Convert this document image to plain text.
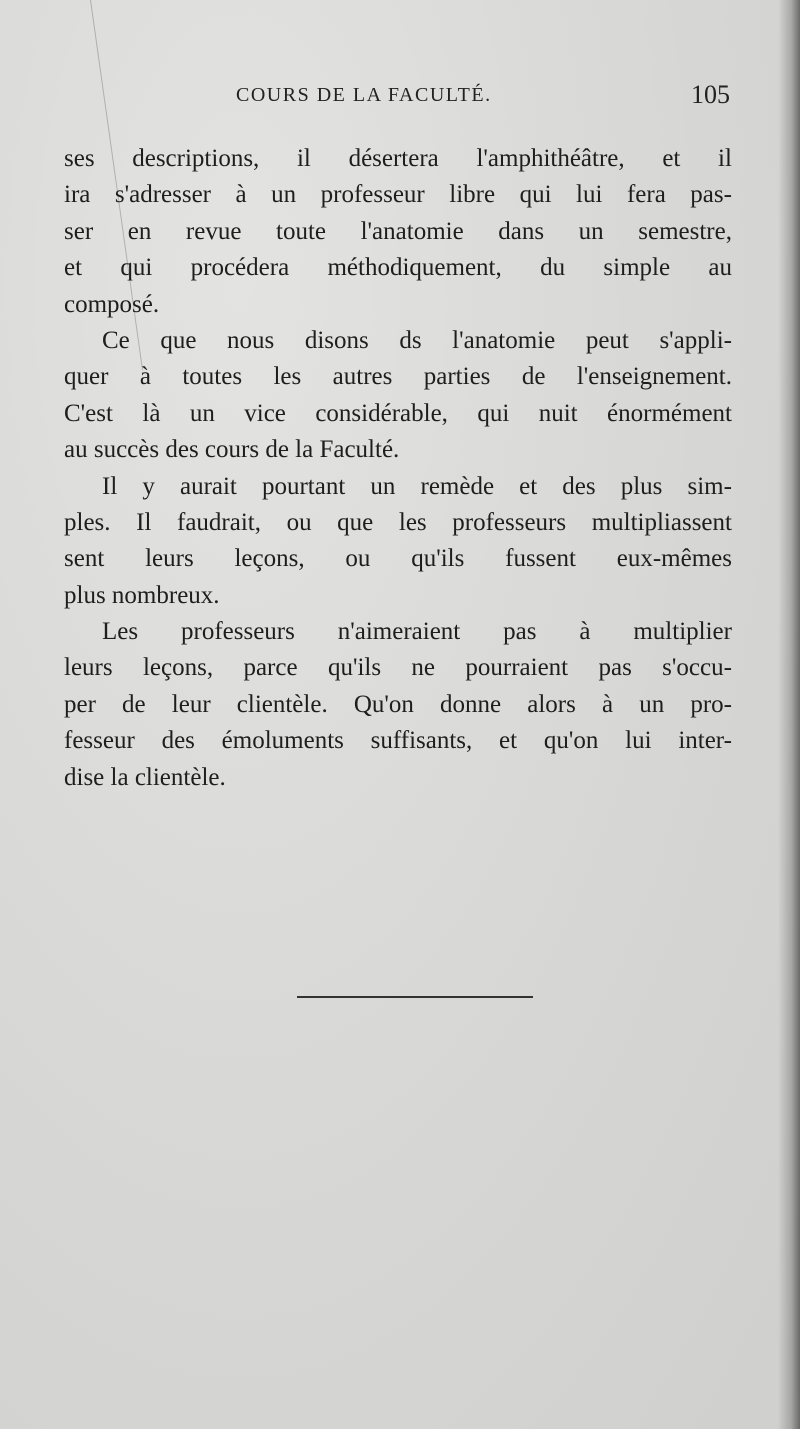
COURS DE LA FACULTÉ.	105
ses descriptions, il désertera l'amphithéâtre, et il
ira s'adresser à un professeur libre qui lui fera pas-
ser en revue toute l'anatomie dans un semestre,
et qui procédera méthodiquement, du simple au
composé.
Ce que nous disons ds l'anatomie peut s'appli-
quer à toutes les autres parties de l'enseignement.
C'est là un vice considérable, qui nuit énormément
au succès des cours de la Faculté.
Il y aurait pourtant un remède et des plus sim-
ples. Il faudrait, ou que les professeurs multipliassent
sent leurs leçons, ou qu'ils fussent eux-mêmes
plus nombreux.
Les professeurs n'aimeraient pas à multiplier
leurs leçons, parce qu'ils ne pourraient pas s'occu-
per de leur clientèle. Qu'on donne alors à un pro-
fesseur des émoluments suffisants, et qu'on lui inter-
dise la clientèle.
